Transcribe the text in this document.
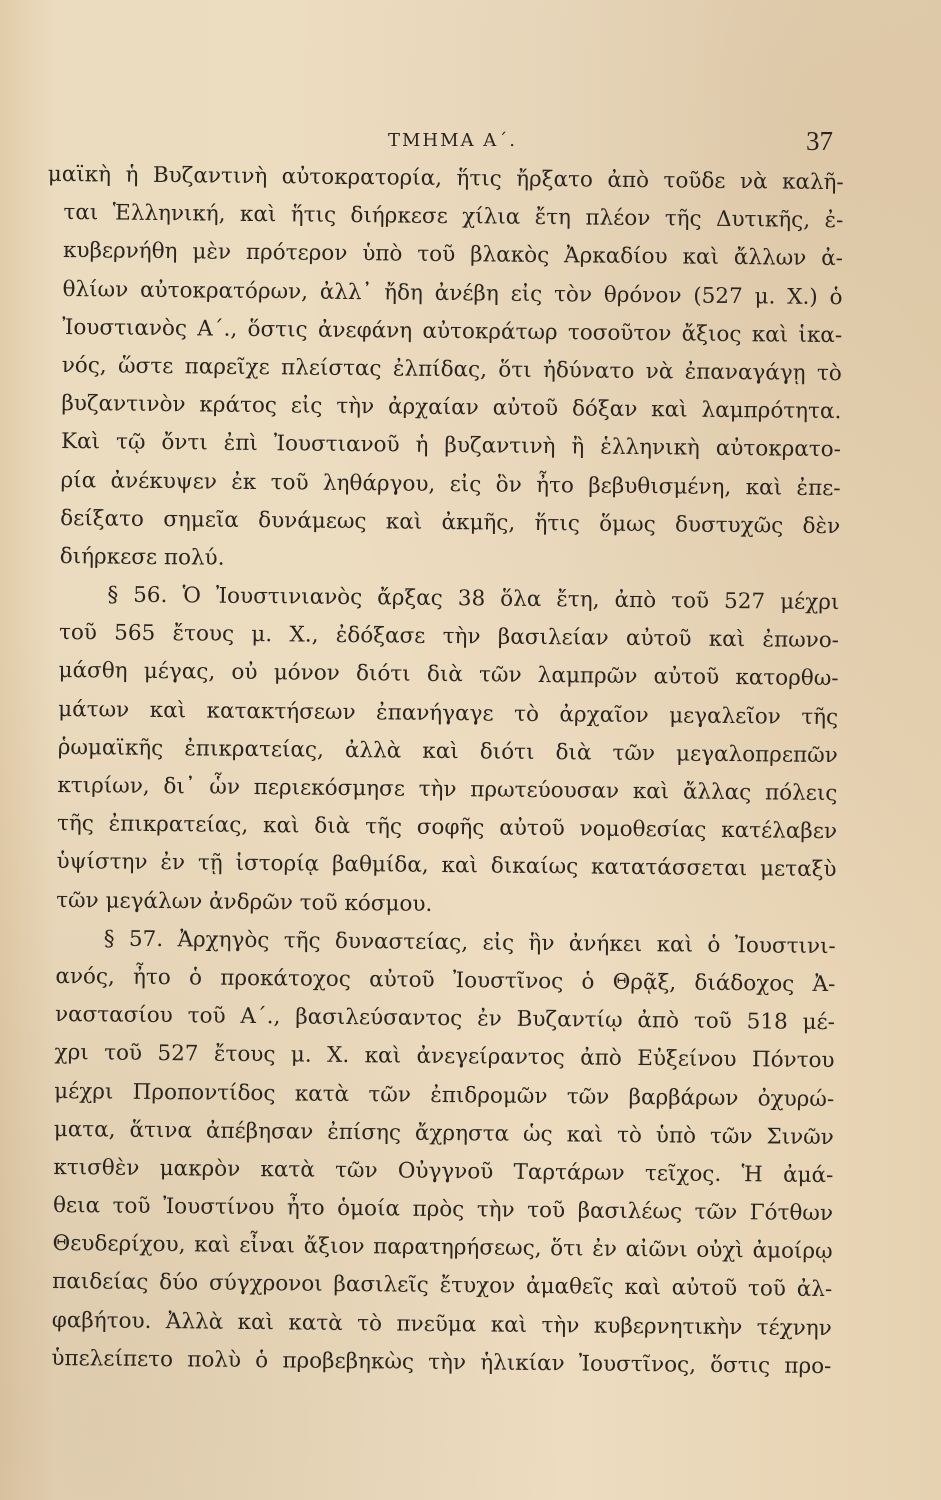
ΤΜΗΜΑ Α΄.	37
μαϊκὴ ἡ Βυζαντινὴ αὐτοκρατορία, ἥτις ἤρξατο ἀπὸ τοῦδε νὰ καλῆ-
ται Ἑλληνική, καὶ ἥτις διήρκεσε χίλια ἔτη πλέον τῆς Δυτικῆς, ἐ-
κυβερνήθη μὲν πρότερον ὑπὸ τοῦ βλακὸς Ἀρκαδίου καὶ ἄλλων ἀ-
θλίων αὐτοκρατόρων, ἀλλ᾽ ἤδη ἀνέβη εἰς τὸν θρόνον (527 μ. Χ.) ὁ
Ἰουστιανὸς Α΄., ὅστις ἀνεφάνη αὐτοκράτωρ τοσοῦτον ἄξιος καὶ ἱκα-
νός, ὥστε παρεῖχε πλείστας ἐλπίδας, ὅτι ἠδύνατο νὰ ἐπαναγάγῃ τὸ
βυζαντινὸν κράτος εἰς τὴν ἀρχαίαν αὐτοῦ δόξαν καὶ λαμπρότητα.
Καὶ τῷ ὄντι ἐπὶ Ἰουστιανοῦ ἡ βυζαντινὴ ἢ ἑλληνικὴ αὐτοκρατο-
ρία ἀνέκυψεν ἐκ τοῦ ληθάργου, εἰς ὃν ἦτο βεβυθισμένη, καὶ ἐπε-
δείξατο σημεῖα δυνάμεως καὶ ἀκμῆς, ἥτις ὅμως δυστυχῶς δὲν
διήρκεσε πολύ.
§ 56. Ὁ Ἰουστινιανὸς ἄρξας 38 ὅλα ἔτη, ἀπὸ τοῦ 527 μέχρι
τοῦ 565 ἔτους μ. Χ., ἐδόξασε τὴν βασιλείαν αὐτοῦ καὶ ἐπωνο-
μάσθη μέγας, οὐ μόνον διότι διὰ τῶν λαμπρῶν αὐτοῦ κατορθω-
μάτων καὶ κατακτήσεων ἐπανήγαγε τὸ ἀρχαῖον μεγαλεῖον τῆς
ῥωμαϊκῆς ἐπικρατείας, ἀλλὰ καὶ διότι διὰ τῶν μεγαλοπρεπῶν
κτιρίων, δι᾽ ὧν περιεκόσμησε τὴν πρωτεύουσαν καὶ ἄλλας πόλεις
τῆς ἐπικρατείας, καὶ διὰ τῆς σοφῆς αὐτοῦ νομοθεσίας κατέλαβεν
ὑψίστην ἐν τῇ ἱστορίᾳ βαθμίδα, καὶ δικαίως κατατάσσεται μεταξὺ
τῶν μεγάλων ἀνδρῶν τοῦ κόσμου.
§ 57. Ἀρχηγὸς τῆς δυναστείας, εἰς ἣν ἀνήκει καὶ ὁ Ἰουστινι-
ανός, ἦτο ὁ προκάτοχος αὐτοῦ Ἰουστῖνος ὁ Θρᾷξ, διάδοχος Ἀ-
ναστασίου τοῦ Α΄., βασιλεύσαντος ἐν Βυζαντίῳ ἀπὸ τοῦ 518 μέ-
χρι τοῦ 527 ἔτους μ. Χ. καὶ ἀνεγείραντος ἀπὸ Εὐξείνου Πόντου
μέχρι Προποντίδος κατὰ τῶν ἐπιδρομῶν τῶν βαρβάρων ὀχυρώ-
ματα, ἅτινα ἀπέβησαν ἐπίσης ἄχρηστα ὡς καὶ τὸ ὑπὸ τῶν Σινῶν
κτισθὲν μακρὸν κατὰ τῶν Οὐγγνοῦ Ταρτάρων τεῖχος. Ἡ ἀμά-
θεια τοῦ Ἰουστίνου ἦτο ὁμοία πρὸς τὴν τοῦ βασιλέως τῶν Γότθων
Θευδερίχου, καὶ εἶναι ἄξιον παρατηρήσεως, ὅτι ἐν αἰῶνι οὐχὶ ἀμοίρῳ
παιδείας δύο σύγχρονοι βασιλεῖς ἔτυχον ἀμαθεῖς καὶ αὐτοῦ τοῦ ἀλ-
φαβήτου. Ἀλλὰ καὶ κατὰ τὸ πνεῦμα καὶ τὴν κυβερνητικὴν τέχνην
ὑπελείπετο πολὺ ὁ προβεβηκὼς τὴν ἡλικίαν Ἰουστῖνος, ὅστις προ-
